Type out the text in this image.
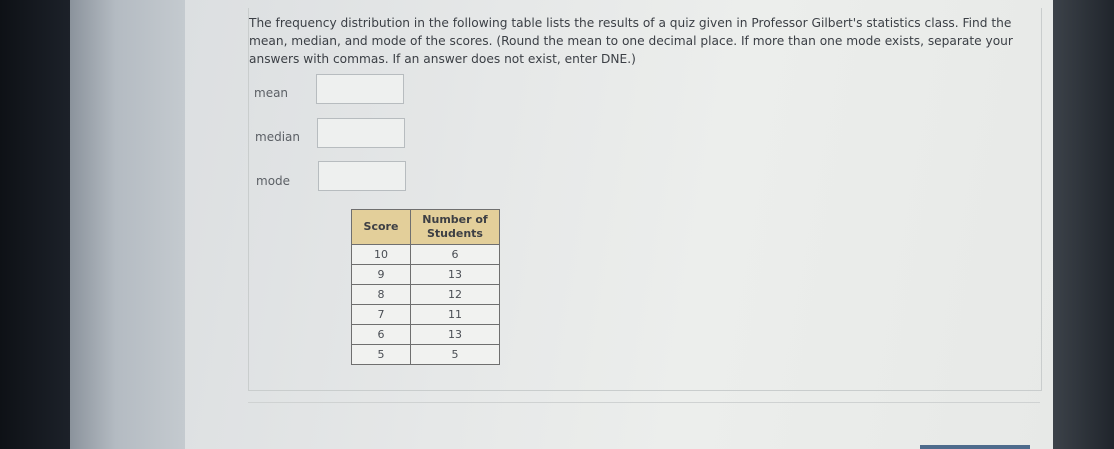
The frequency distribution in the following table lists the results of a quiz given in Professor Gilbert's statistics class. Find the mean, median, and mode of the scores. (Round the mean to one decimal place. If more than one mode exists, separate your answers with commas. If an answer does not exist, enter DNE.)

mean
median
mode
Score	Number of Students
10	6
9	13
8	12
7	11
6	13
5	5
